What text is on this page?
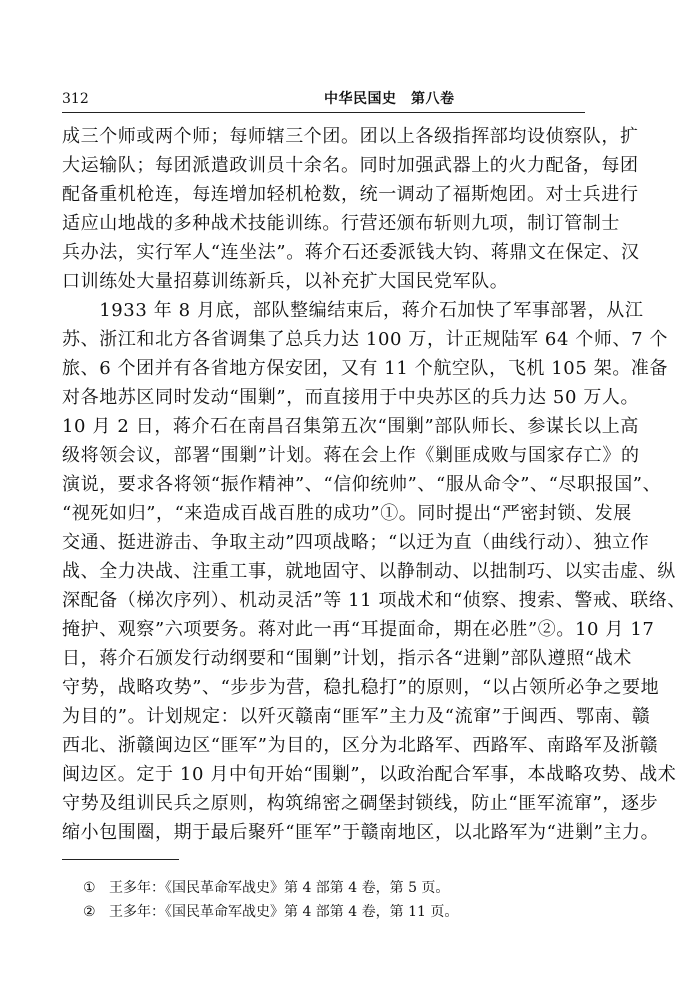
312	中华民国史　第八卷
成三个师或两个师；每师辖三个团。团以上各级指挥部均设侦察队，扩
大运输队；每团派遣政训员十余名。同时加强武器上的火力配备，每团
配备重机枪连，每连增加轻机枪数，统一调动了福斯炮团。对士兵进行
适应山地战的多种战术技能训练。行营还颁布斩则九项，制订管制士
兵办法，实行军人“连坐法”。蒋介石还委派钱大钧、蒋鼎文在保定、汉
口训练处大量招募训练新兵，以补充扩大国民党军队。
　　1933 年 8 月底，部队整编结束后，蒋介石加快了军事部署，从江
苏、浙江和北方各省调集了总兵力达 100 万，计正规陆军 64 个师、7 个
旅、6 个团并有各省地方保安团，又有 11 个航空队，飞机 105 架。准备
对各地苏区同时发动“围剿”，而直接用于中央苏区的兵力达 50 万人。
10 月 2 日，蒋介石在南昌召集第五次“围剿”部队师长、参谋长以上高
级将领会议，部署“围剿”计划。蒋在会上作《剿匪成败与国家存亡》的
演说，要求各将领“振作精神”、“信仰统帅”、“服从命令”、“尽职报国”、
“视死如归”，“来造成百战百胜的成功”①。同时提出“严密封锁、发展
交通、挺进游击、争取主动”四项战略；“以迂为直（曲线行动）、独立作
战、全力决战、注重工事，就地固守、以静制动、以拙制巧、以实击虚、纵
深配备（梯次序列）、机动灵活”等 11 项战术和“侦察、搜索、警戒、联络、
掩护、观察”六项要务。蒋对此一再“耳提面命，期在必胜”②。10 月 17
日，蒋介石颁发行动纲要和“围剿”计划，指示各“进剿”部队遵照“战术
守势，战略攻势”、“步步为营，稳扎稳打”的原则，“以占领所必争之要地
为目的”。计划规定：以歼灭赣南“匪军”主力及“流窜”于闽西、鄂南、赣
西北、浙赣闽边区“匪军”为目的，区分为北路军、西路军、南路军及浙赣
闽边区。定于 10 月中旬开始“围剿”，以政治配合军事，本战略攻势、战术
守势及组训民兵之原则，构筑绵密之碉堡封锁线，防止“匪军流窜”，逐步
缩小包围圈，期于最后聚歼“匪军”于赣南地区，以北路军为“进剿”主力。
① 王多年：《国民革命军战史》第 4 部第 4 卷，第 5 页。
② 王多年：《国民革命军战史》第 4 部第 4 卷，第 11 页。
